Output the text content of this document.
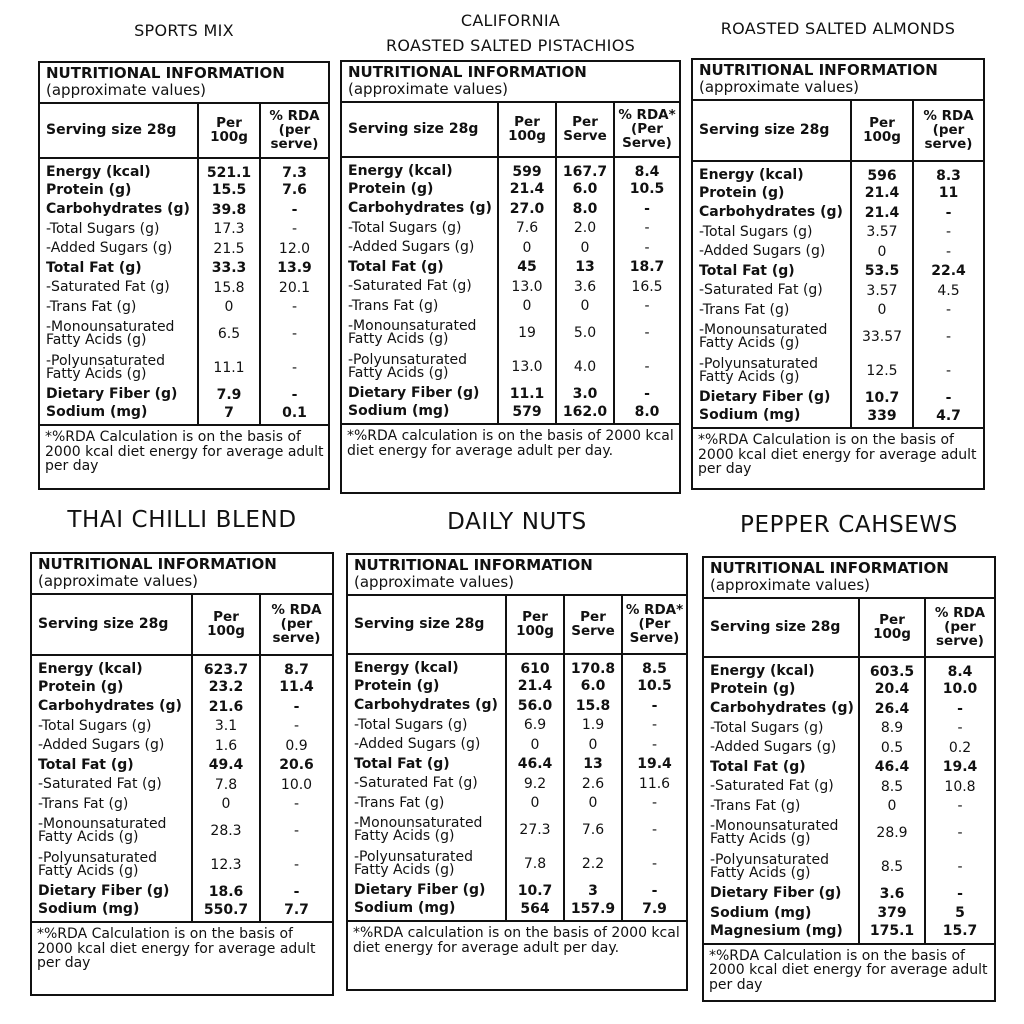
SPORTS MIX
NUTRITIONAL INFORMATION
(approximate values)
Serving size 28g	Per 100g	% RDA (per serve)
Energy (kcal)	521.1	7.3
Protein (g)	15.5	7.6
Carbohydrates (g)	39.8	-
-Total Sugars (g)	17.3	-
-Added Sugars (g)	21.5	12.0
Total Fat (g)	33.3	13.9
-Saturated Fat (g)	15.8	20.1
-Trans Fat (g)	0	-
-Monounsaturated Fatty Acids (g)	6.5	-
-Polyunsaturated Fatty Acids (g)	11.1	-
Dietary Fiber (g)	7.9	-
Sodium (mg)	7	0.1
*%RDA Calculation is on the basis of 2000 kcal diet energy for average adult per day
CALIFORNIA
ROASTED SALTED PISTACHIOS
NUTRITIONAL INFORMATION
(approximate values)
Serving size 28g	Per 100g	Per Serve	% RDA* (Per Serve)
Energy (kcal)	599	167.7	8.4
Protein (g)	21.4	6.0	10.5
Carbohydrates (g)	27.0	8.0	-
-Total Sugars (g)	7.6	2.0	-
-Added Sugars (g)	0	0	-
Total Fat (g)	45	13	18.7
-Saturated Fat (g)	13.0	3.6	16.5
-Trans Fat (g)	0	0	-
-Monounsaturated Fatty Acids (g)	19	5.0	-
-Polyunsaturated Fatty Acids (g)	13.0	4.0	-
Dietary Fiber (g)	11.1	3.0	-
Sodium (mg)	579	162.0	8.0
*%RDA calculation is on the basis of 2000 kcal diet energy for average adult per day.
ROASTED SALTED ALMONDS
NUTRITIONAL INFORMATION
(approximate values)
Serving size 28g	Per 100g	% RDA (per serve)
Energy (kcal)	596	8.3
Protein (g)	21.4	11
Carbohydrates (g)	21.4	-
-Total Sugars (g)	3.57	-
-Added Sugars (g)	0	-
Total Fat (g)	53.5	22.4
-Saturated Fat (g)	3.57	4.5
-Trans Fat (g)	0	-
-Monounsaturated Fatty Acids (g)	33.57	-
-Polyunsaturated Fatty Acids (g)	12.5	-
Dietary Fiber (g)	10.7	-
Sodium (mg)	339	4.7
*%RDA Calculation is on the basis of 2000 kcal diet energy for average adult per day
THAI CHILLI BLEND
NUTRITIONAL INFORMATION
(approximate values)
Serving size 28g	Per 100g	% RDA (per serve)
Energy (kcal)	623.7	8.7
Protein (g)	23.2	11.4
Carbohydrates (g)	21.6	-
-Total Sugars (g)	3.1	-
-Added Sugars (g)	1.6	0.9
Total Fat (g)	49.4	20.6
-Saturated Fat (g)	7.8	10.0
-Trans Fat (g)	0	-
-Monounsaturated Fatty Acids (g)	28.3	-
-Polyunsaturated Fatty Acids (g)	12.3	-
Dietary Fiber (g)	18.6	-
Sodium (mg)	550.7	7.7
*%RDA Calculation is on the basis of 2000 kcal diet energy for average adult per day
DAILY NUTS
NUTRITIONAL INFORMATION
(approximate values)
Serving size 28g	Per 100g	Per Serve	% RDA* (Per Serve)
Energy (kcal)	610	170.8	8.5
Protein (g)	21.4	6.0	10.5
Carbohydrates (g)	56.0	15.8	-
-Total Sugars (g)	6.9	1.9	-
-Added Sugars (g)	0	0	-
Total Fat (g)	46.4	13	19.4
-Saturated Fat (g)	9.2	2.6	11.6
-Trans Fat (g)	0	0	-
-Monounsaturated Fatty Acids (g)	27.3	7.6	-
-Polyunsaturated Fatty Acids (g)	7.8	2.2	-
Dietary Fiber (g)	10.7	3	-
Sodium (mg)	564	157.9	7.9
*%RDA calculation is on the basis of 2000 kcal diet energy for average adult per day.
PEPPER CAHSEWS
NUTRITIONAL INFORMATION
(approximate values)
Serving size 28g	Per 100g	% RDA (per serve)
Energy (kcal)	603.5	8.4
Protein (g)	20.4	10.0
Carbohydrates (g)	26.4	-
-Total Sugars (g)	8.9	-
-Added Sugars (g)	0.5	0.2
Total Fat (g)	46.4	19.4
-Saturated Fat (g)	8.5	10.8
-Trans Fat (g)	0	-
-Monounsaturated Fatty Acids (g)	28.9	-
-Polyunsaturated Fatty Acids (g)	8.5	-
Dietary Fiber (g)	3.6	-
Sodium (mg)	379	5
Magnesium (mg)	175.1	15.7
*%RDA Calculation is on the basis of 2000 kcal diet energy for average adult per day
